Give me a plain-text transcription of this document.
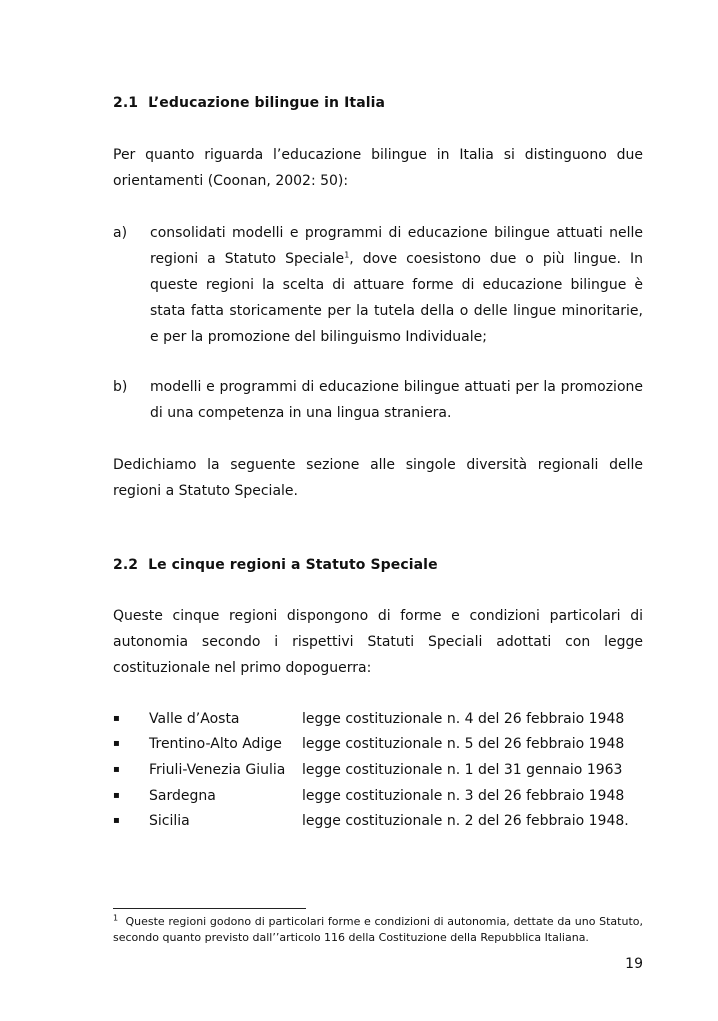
2.1 L’educazione bilingue in Italia

Per quanto riguarda l’educazione bilingue in Italia si distinguono due orientamenti (Coonan, 2002: 50):

a) consolidati modelli e programmi di educazione bilingue attuati nelle regioni a Statuto Speciale$^1$, dove coesistono due o più lingue. In queste regioni la scelta di attuare forme di educazione bilingue è stata fatta storicamente per la tutela della o delle lingue minoritarie, e per la promozione del bilinguismo Individuale;

b) modelli e programmi di educazione bilingue attuati per la promozione di una competenza in una lingua straniera.

Dedichiamo la seguente sezione alle singole diversità regionali delle regioni a Statuto Speciale.

2.2 Le cinque regioni a Statuto Speciale

Queste cinque regioni dispongono di forme e condizioni particolari di autonomia secondo i rispettivi Statuti Speciali adottati con legge costituzionale nel primo dopoguerra:

▪ Valle d’Aosta	legge costituzionale n. 4 del 26 febbraio 1948
▪ Trentino-Alto Adige legge costituzionale n. 5 del 26 febbraio 1948
▪ Friuli-Venezia Giulia legge costituzionale n. 1 del 31 gennaio 1963
▪ Sardegna	legge costituzionale n. 3 del 26 febbraio 1948
▪ Sicilia	legge costituzionale n. 2 del 26 febbraio 1948.

$^1$ Queste regioni godono di particolari forme e condizioni di autonomia, dettate da uno Statuto, secondo quanto previsto dall’’articolo 116 della Costituzione della Repubblica Italiana.

19
